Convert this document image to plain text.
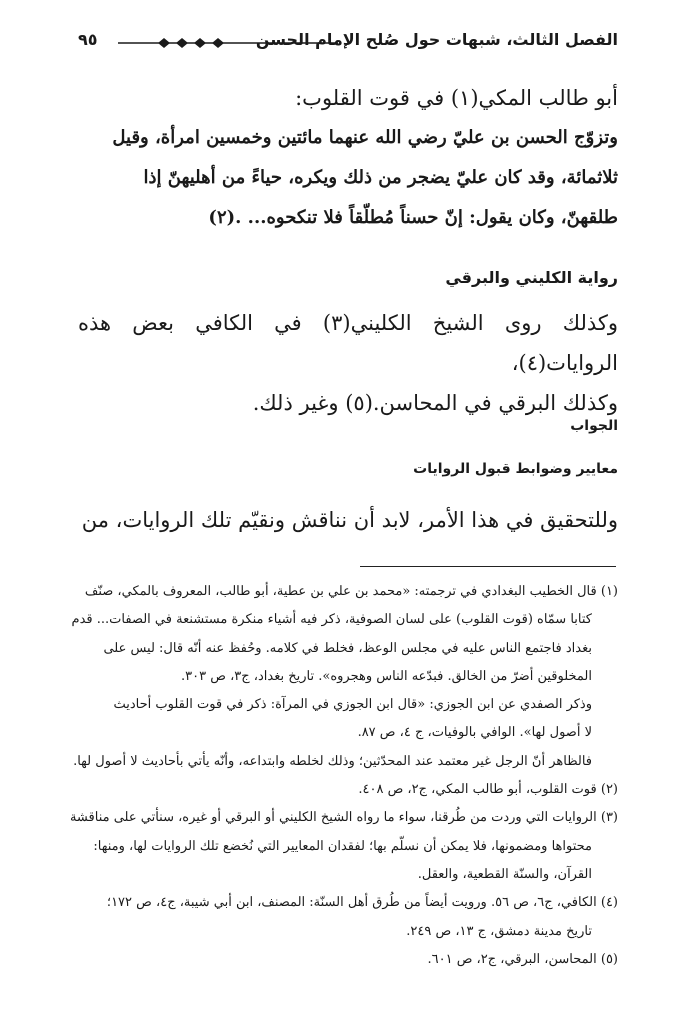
الفصل الثالث، شبهات حول صُلح الإمام الحسن
٩٥
أبو طالب المكي(١) في قوت القلوب:
وتزوّج الحسن بن عليّ رضي الله عنهما مائتين وخمسين امرأة، وقيل
ثلاثمائة، وقد كان عليّ يضجر من ذلك ويكره، حياءً من أهليهنّ إذا
طلقهنّ، وكان يقول: إنّ حسناً مُطلّقاً فلا تنكحوه... .(٢)
رواية الكليني والبرقي
وكذلك روى الشيخ الكليني(٣) في الكافي بعض هذه الروايات(٤)،
وكذلك البرقي في المحاسن.(٥) وغير ذلك.
الجواب
معايير وضوابط قبول الروايات
وللتحقيق في هذا الأمر، لابد أن نناقش ونقيّم تلك الروايات، من
(١) قال الخطيب البغدادي في ترجمته: «محمد بن علي بن عطية، أبو طالب، المعروف بالمكي، صنّف
كتابا سمّاه (قوت القلوب) على لسان الصوفية، ذكر فيه أشياء منكرة مستشنعة في الصفات... قدم
بغداد فاجتمع الناس عليه في مجلس الوعظ، فخلط في كلامه. وحُفظ عنه أنّه قال: ليس على
المخلوقين أضرّ من الخالق. فبدّعه الناس وهجروه». تاريخ بغداد، ج٣، ص ٣٠٣.
وذكر الصفدي عن ابن الجوزي: «قال ابن الجوزي في المرآة: ذكر في قوت القلوب أحاديث
لا أصول لها». الوافي بالوفيات، ج ٤، ص ٨٧.
فالظاهر أنّ الرجل غير معتمد عند المحدّثين؛ وذلك لخلطه وابتداعه، وأنّه يأتي بأحاديث لا أصول لها.
(٢) قوت القلوب، أبو طالب المكي، ج٢، ص ٤٠٨.
(٣) الروايات التي وردت من طُرقنا، سواء ما رواه الشيخ الكليني أو البرقي أو غيره، سنأتي على مناقشة
محتواها ومضمونها، فلا يمكن أن نسلّم بها؛ لفقدان المعايير التي نُخضع تلك الروايات لها، ومنها:
القرآن، والسنّة القطعية، والعقل.
(٤) الكافي، ج٦، ص ٥٦. ورويت أيضاً من طُرق أهل السنّة: المصنف، ابن أبي شيبة، ج٤، ص ١٧٢؛
تاريخ مدينة دمشق، ج ١٣، ص ٢٤٩.
(٥) المحاسن، البرقي، ج٢، ص ٦٠١.
